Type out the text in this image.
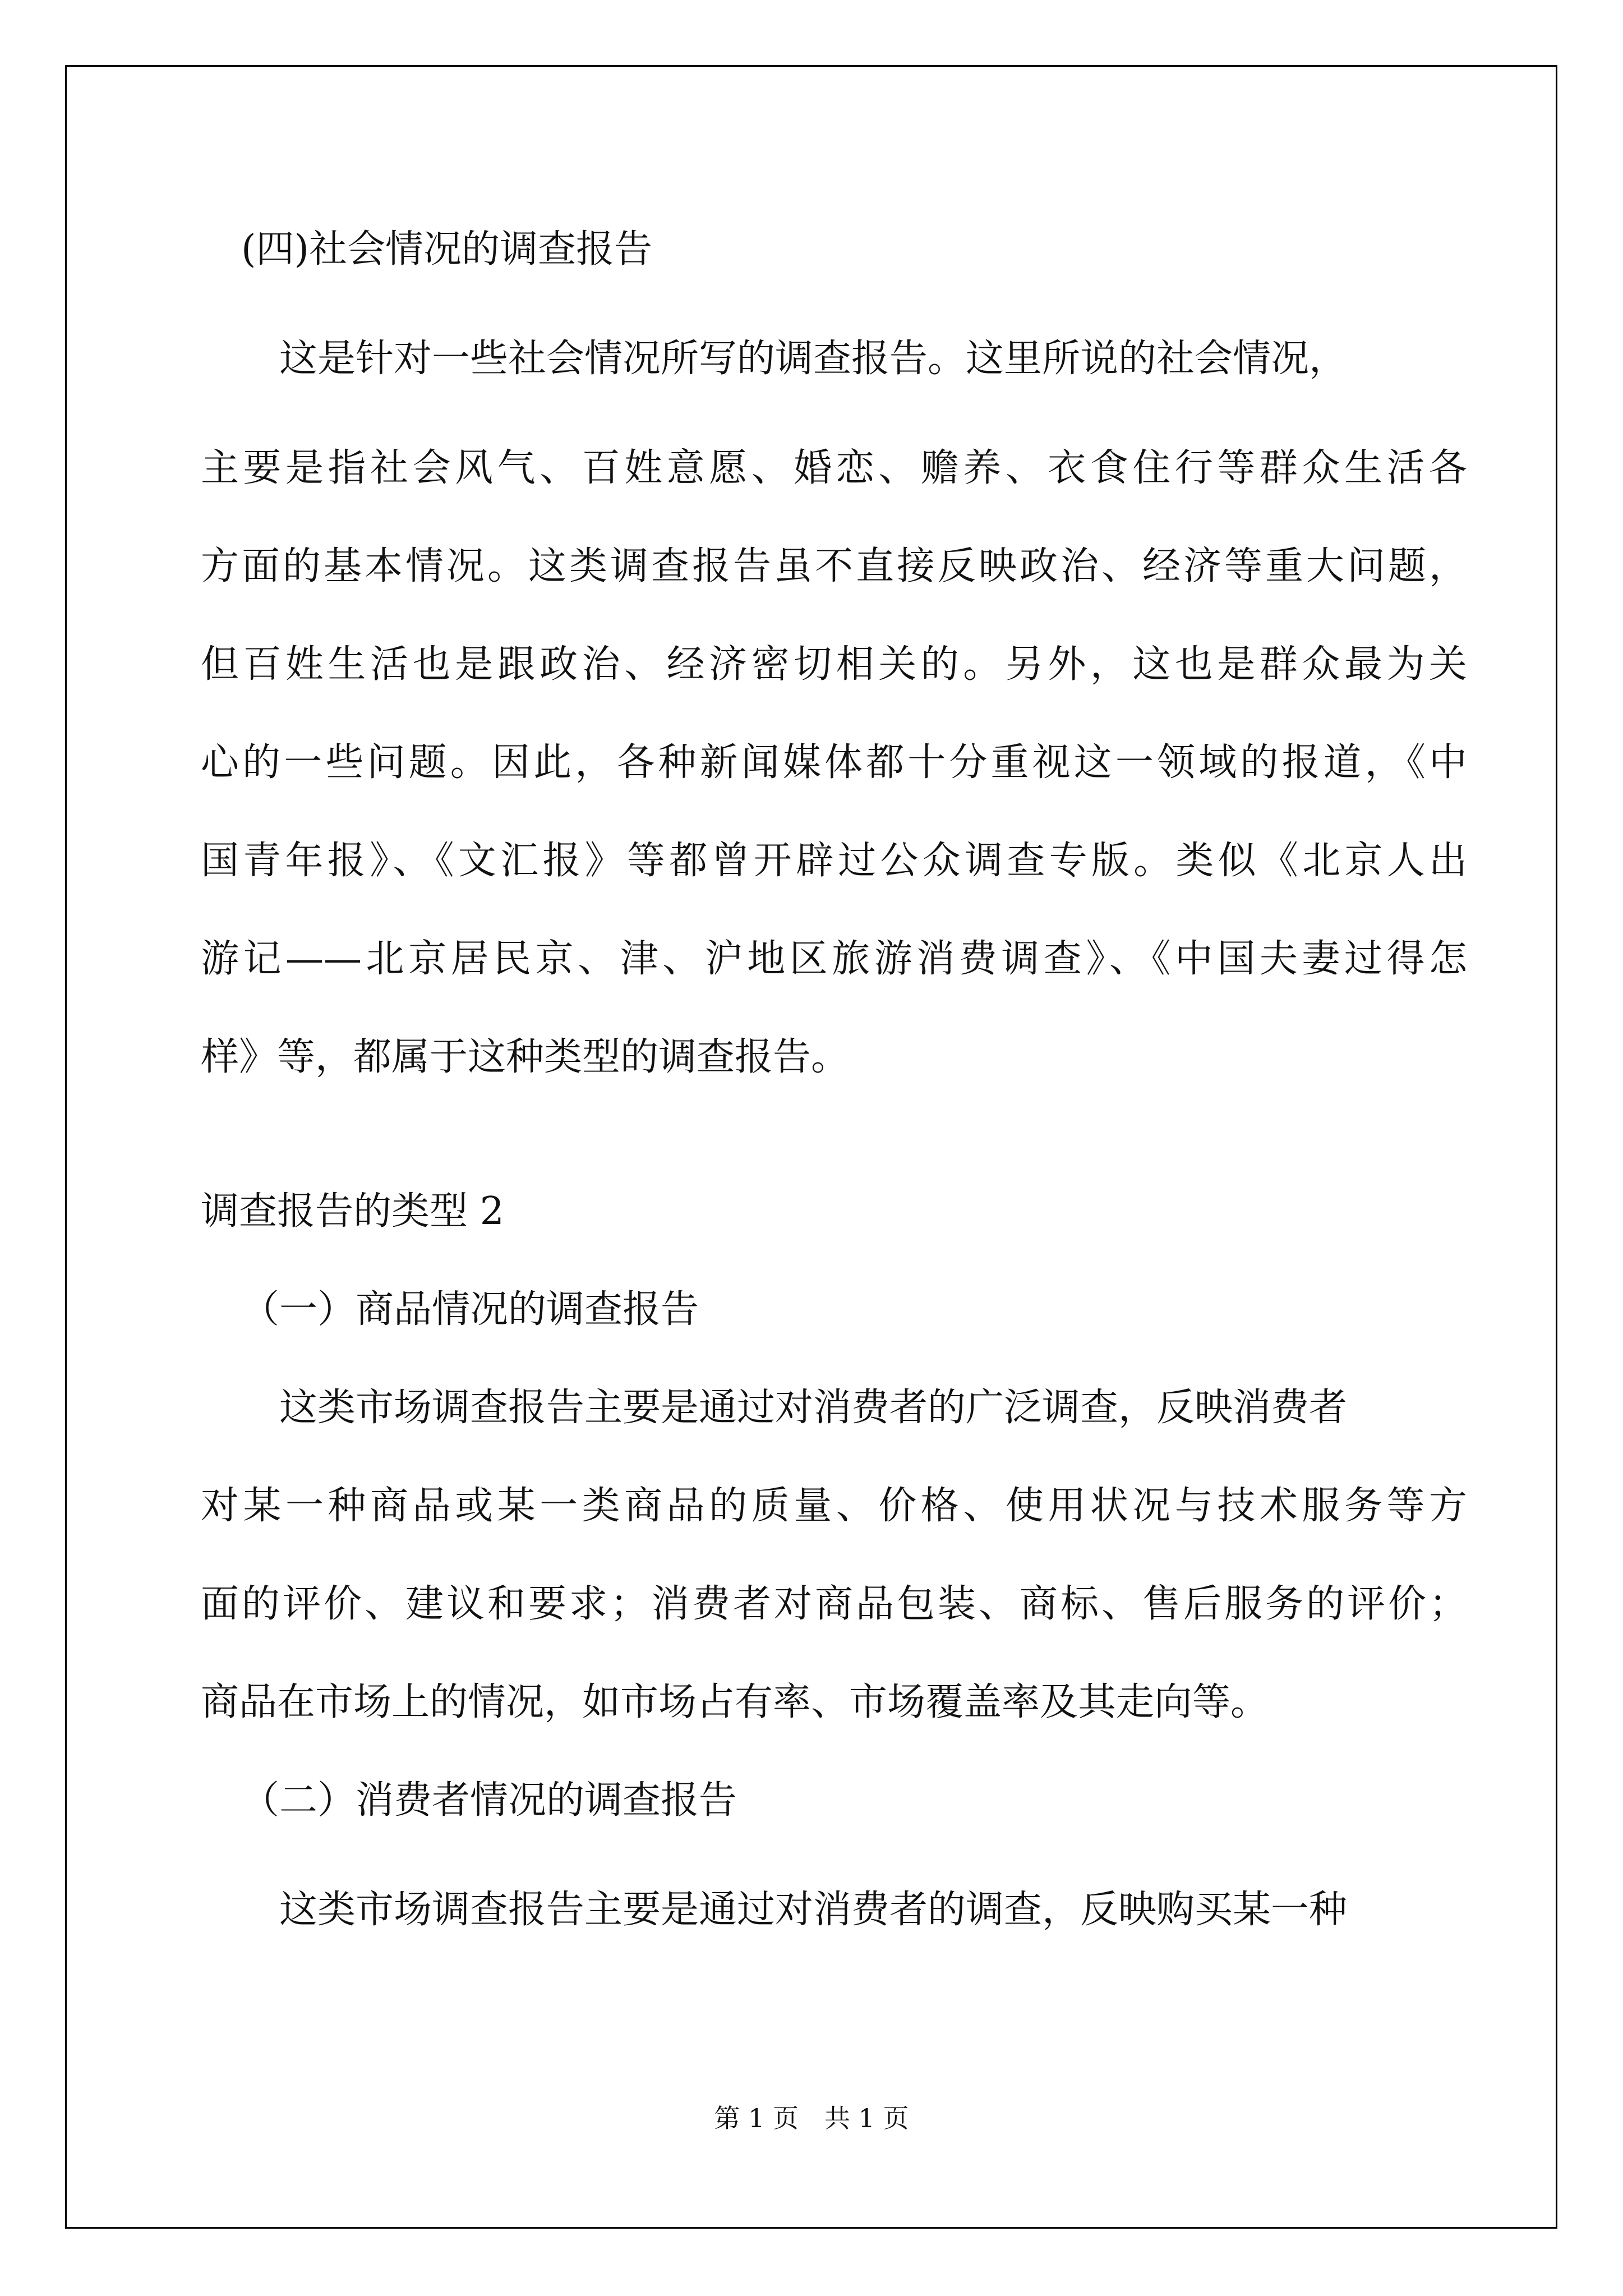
(四)社会情况的调查报告
这是针对一些社会情况所写的调查报告。这里所说的社会情况，
主要是指社会风气、百姓意愿、婚恋、赡养、衣食住行等群众生活各
方面的基本情况。这类调查报告虽不直接反映政治、经济等重大问题，
但百姓生活也是跟政治、经济密切相关的。另外，这也是群众最为关
心的一些问题。因此，各种新闻媒体都十分重视这一领域的报道，《中
国青年报》、《文汇报》等都曾开辟过公众调查专版。类似《北京人出
游记——北京居民京、津、沪地区旅游消费调查》、《中国夫妻过得怎
样》等，都属于这种类型的调查报告。
调查报告的类型 2
（一）商品情况的调查报告
这类市场调查报告主要是通过对消费者的广泛调查，反映消费者
对某一种商品或某一类商品的质量、价格、使用状况与技术服务等方
面的评价、建议和要求；消费者对商品包装、商标、售后服务的评价；
商品在市场上的情况，如市场占有率、市场覆盖率及其走向等。
（二）消费者情况的调查报告
这类市场调查报告主要是通过对消费者的调查，反映购买某一种
第 1 页　共 1 页
